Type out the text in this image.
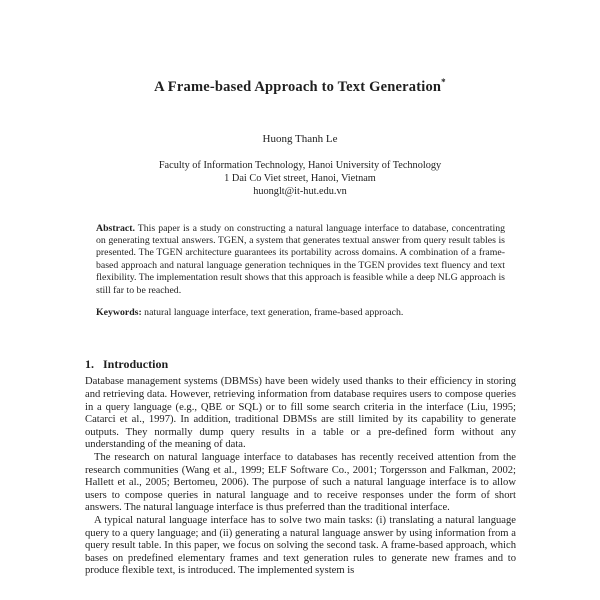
A Frame-based Approach to Text Generation*
Huong Thanh Le
Faculty of Information Technology, Hanoi University of Technology
1 Dai Co Viet street, Hanoi, Vietnam
huonglt@it-hut.edu.vn
Abstract. This paper is a study on constructing a natural language interface to database, concentrating on generating textual answers. TGEN, a system that generates textual answer from query result tables is presented. The TGEN architecture guarantees its portability across domains. A combination of a frame-based approach and natural language generation techniques in the TGEN provides text fluency and text flexibility. The implementation result shows that this approach is feasible while a deep NLG approach is still far to be reached.
Keywords: natural language interface, text generation, frame-based approach.
1. Introduction

Database management systems (DBMSs) have been widely used thanks to their efficiency in storing and retrieving data. However, retrieving information from database requires users to compose queries in a query language (e.g., QBE or SQL) or to fill some search criteria in the interface (Liu, 1995; Catarci et al., 1997). In addition, traditional DBMSs are still limited by its capability to generate outputs. They normally dump query results in a table or a pre-defined form without any understanding of the meaning of data.

The research on natural language interface to databases has recently received attention from the research communities (Wang et al., 1999; ELF Software Co., 2001; Torgersson and Falkman, 2002; Hallett et al., 2005; Bertomeu, 2006). The purpose of such a natural language interface is to allow users to compose queries in natural language and to receive responses under the form of short answers. The natural language interface is thus preferred than the traditional interface.

A typical natural language interface has to solve two main tasks: (i) translating a natural language query to a query language; and (ii) generating a natural language answer by using information from a query result table. In this paper, we focus on solving the second task. A frame-based approach, which bases on predefined elementary frames and text generation rules to generate new frames and to produce flexible text, is introduced. The implemented system is
